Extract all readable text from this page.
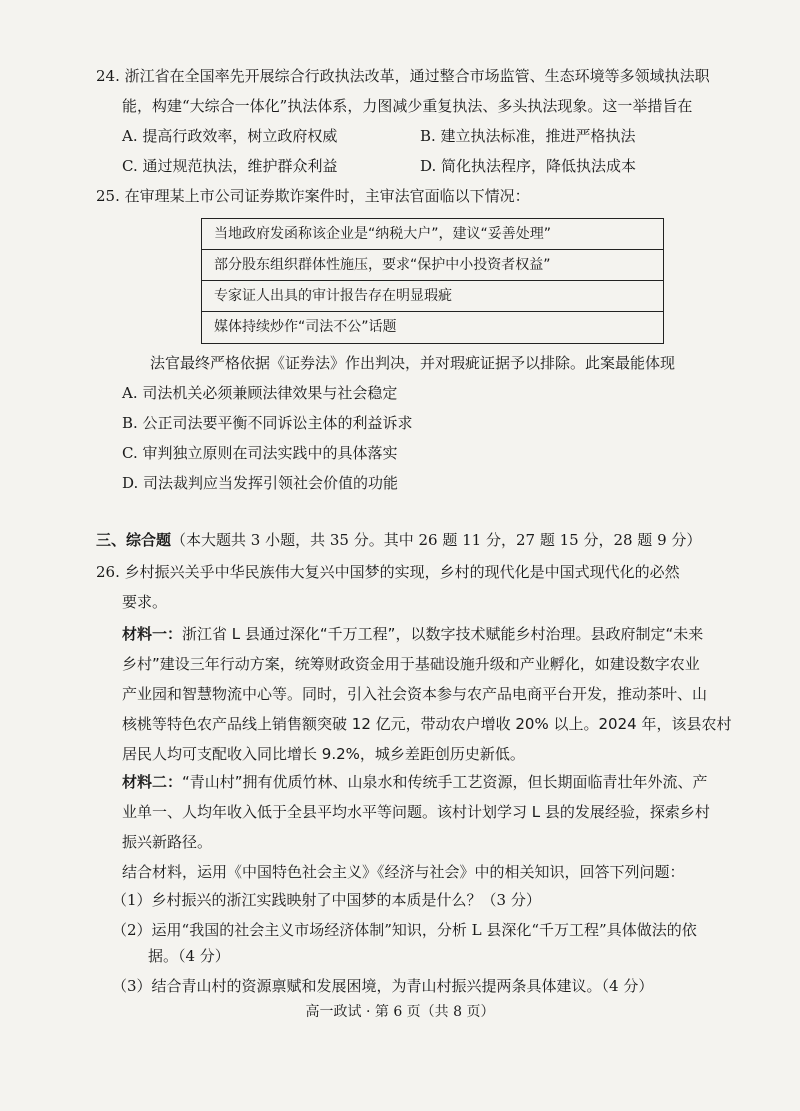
24. 浙江省在全国率先开展综合行政执法改革，通过整合市场监管、生态环境等多领域执法职
能，构建“大综合一体化”执法体系，力图减少重复执法、多头执法现象。这一举措旨在
A. 提高行政效率，树立政府权威	B. 建立执法标准，推进严格执法
C. 通过规范执法，维护群众利益	D. 简化执法程序，降低执法成本
25. 在审理某上市公司证券欺诈案件时，主审法官面临以下情况：
当地政府发函称该企业是“纳税大户”，建议“妥善处理”
部分股东组织群体性施压，要求“保护中小投资者权益”
专家证人出具的审计报告存在明显瑕疵
媒体持续炒作“司法不公”话题
法官最终严格依据《证券法》作出判决，并对瑕疵证据予以排除。此案最能体现
A. 司法机关必须兼顾法律效果与社会稳定
B. 公正司法要平衡不同诉讼主体的利益诉求
C. 审判独立原则在司法实践中的具体落实
D. 司法裁判应当发挥引领社会价值的功能
三、综合题（本大题共 3 小题，共 35 分。其中 26 题 11 分，27 题 15 分，28 题 9 分）
26. 乡村振兴关乎中华民族伟大复兴中国梦的实现，乡村的现代化是中国式现代化的必然
要求。
材料一：浙江省 L 县通过深化“千万工程”，以数字技术赋能乡村治理。县政府制定“未来
乡村”建设三年行动方案，统筹财政资金用于基础设施升级和产业孵化，如建设数字农业
产业园和智慧物流中心等。同时，引入社会资本参与农产品电商平台开发，推动茶叶、山
核桃等特色农产品线上销售额突破 12 亿元，带动农户增收 20% 以上。2024 年，该县农村
居民人均可支配收入同比增长 9.2%，城乡差距创历史新低。
材料二：“青山村”拥有优质竹林、山泉水和传统手工艺资源，但长期面临青壮年外流、产
业单一、人均年收入低于全县平均水平等问题。该村计划学习 L 县的发展经验，探索乡村
振兴新路径。
结合材料，运用《中国特色社会主义》《经济与社会》中的相关知识，回答下列问题：
（1）乡村振兴的浙江实践映射了中国梦的本质是什么？（3 分）
（2）运用“我国的社会主义市场经济体制”知识，分析 L 县深化“千万工程”具体做法的依
据。（4 分）
（3）结合青山村的资源禀赋和发展困境，为青山村振兴提两条具体建议。（4 分）
高一政试 · 第 6 页（共 8 页）
